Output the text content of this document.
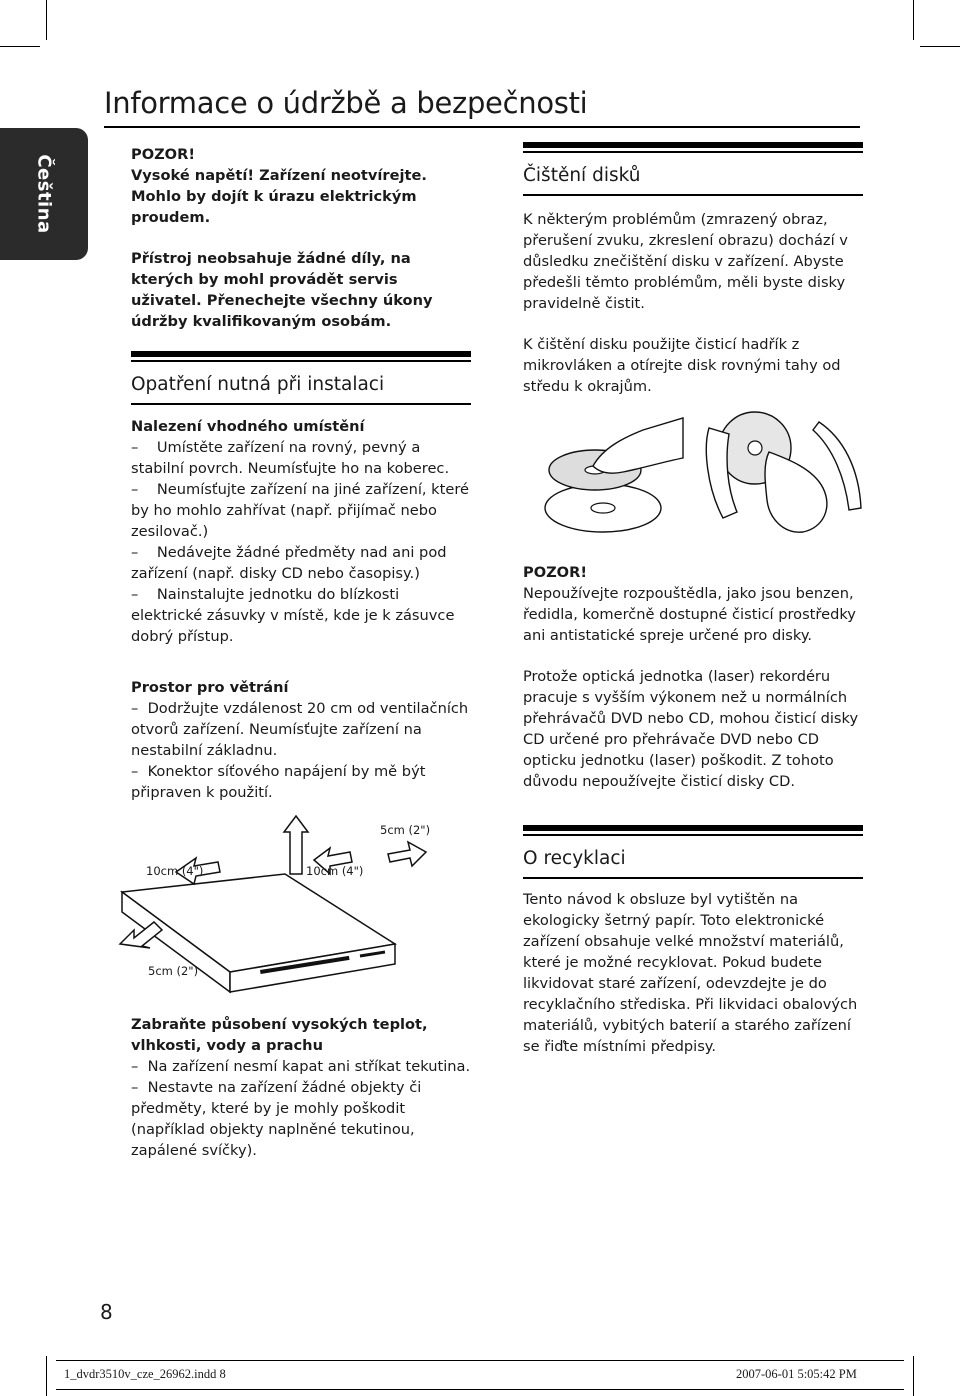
Informace o údržbě a bezpečnosti
Čeština	POZOR!

Vysoké napětí! Zařízení neotvírejte.

Mohlo by dojít k úrazu elektrickým

proudem.

Přístroj neobsahuje žádné díly, na kterých by mohl provádět servis uživatel. Přenechejte všechny úkony údržby kvalifikovaným osobám.

Opatření nutná při instalaci

Nalezení vhodného umístění

–    Umístěte zařízení na rovný, pevný a stabilní povrch. Neumísťujte ho na koberec.

–    Neumísťujte zařízení na jiné zařízení, které by ho mohlo zahřívat (např. přijímač nebo zesilovač.)

–    Nedávejte žádné předměty nad ani pod zařízení (např. disky CD nebo časopisy.)

–    Nainstalujte jednotku do blízkosti elektrické zásuvky v místě, kde je k zásuvce dobrý přístup.

Prostor pro větrání

–  Dodržujte vzdálenost 20 cm od ventilačních otvorů zařízení. Neumísťujte zařízení na nestabilní základnu.

–  Konektor síťového napájení by mě být připraven k použití.

5cm (2")
10cm (4")	10cm (4")
5cm (2")

Zabraňte působení vysokých teplot, vlhkosti, vody a prachu

–  Na zařízení nesmí kapat ani stříkat tekutina.

–  Nestavte na zařízení žádné objekty či předměty, které by je mohly poškodit (například objekty naplněné tekutinou, zapálené svíčky).

Čištění disků

K některým problémům (zmrazený obraz, přerušení zvuku, zkreslení obrazu) dochází v důsledku znečištění disku v zařízení. Abyste předešli těmto problémům, měli byste disky pravidelně čistit.

K čištění disku použijte čisticí hadřík z mikrovláken a otírejte disk rovnými tahy od středu k okrajům.

POZOR!

Nepoužívejte rozpouštědla, jako jsou benzen, ředidla, komerčně dostupné čisticí prostředky ani antistatické spreje určené pro disky.

Protože optická jednotka (laser) rekordéru pracuje s vyšším výkonem než u normálních přehrávačů DVD nebo CD, mohou čisticí disky CD určené pro přehrávače DVD nebo CD opticku jednotku (laser) poškodit. Z tohoto důvodu nepoužívejte čisticí disky CD.

O recyklaci

Tento návod k obsluze byl vytištěn na ekologicky šetrný papír. Toto elektronické zařízení obsahuje velké množství materiálů, které je možné recyklovat. Pokud budete likvidovat staré zařízení, odevzdejte je do recyklačního střediska. Při likvidaci obalových materiálů, vybitých baterií a starého zařízení se řiďte místními předpisy.

8
1_dvdr3510v_cze_26962.indd 8	2007-06-01 5:05:42 PM
